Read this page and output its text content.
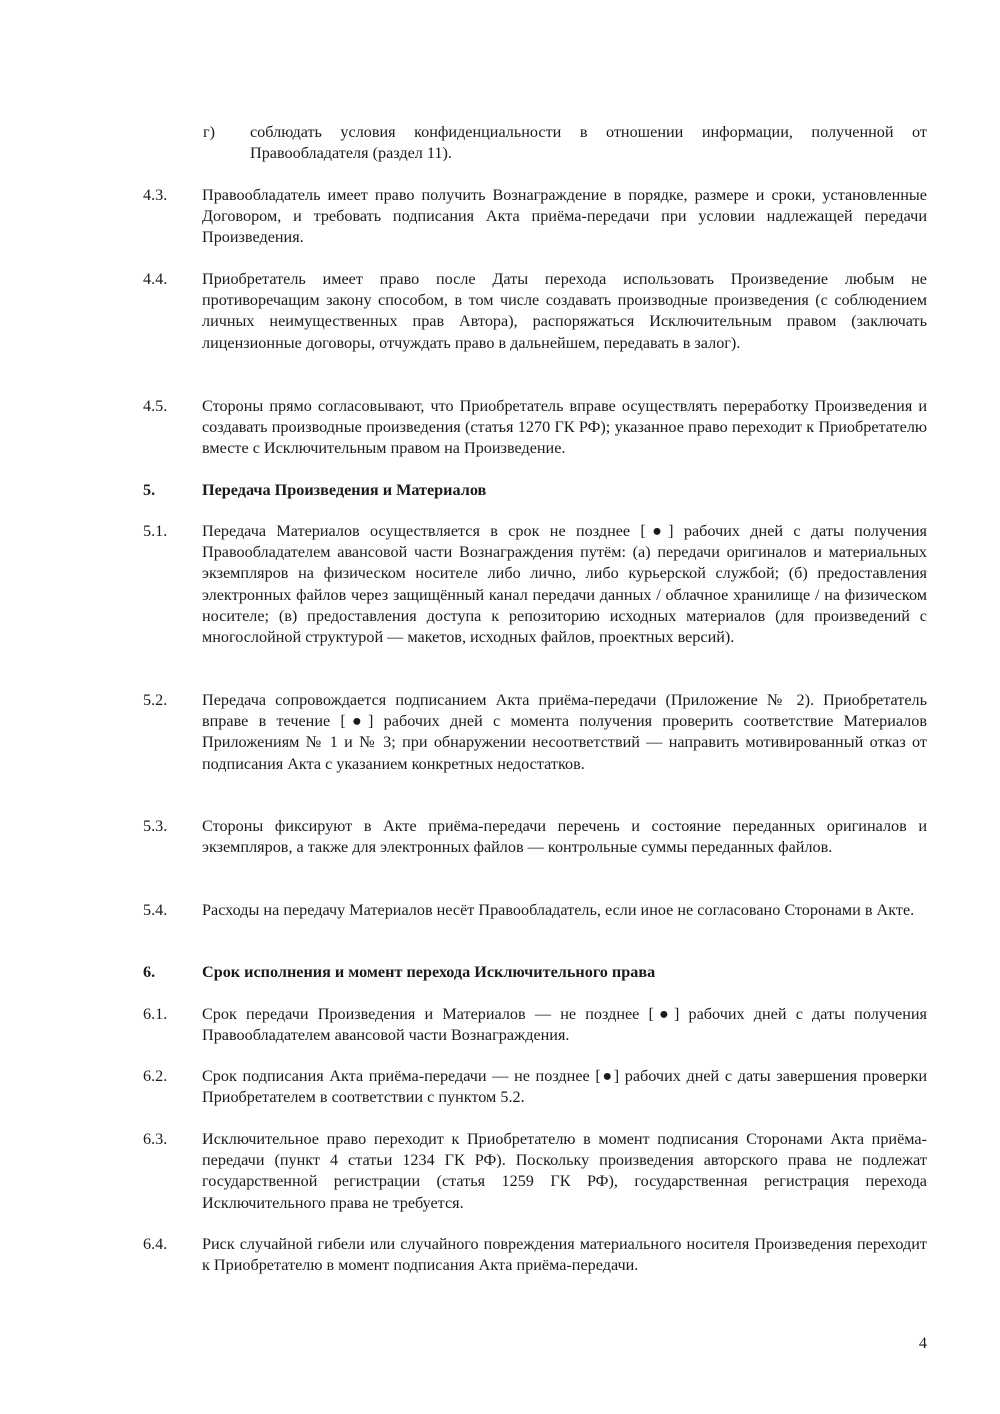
г) соблюдать условия конфиденциальности в отношении информации, полученной от Правообладателя (раздел 11).
4.3. Правообладатель имеет право получить Вознаграждение в порядке, размере и сроки, установленные Договором, и требовать подписания Акта приёма-передачи при условии надлежащей передачи Произведения.
4.4. Приобретатель имеет право после Даты перехода использовать Произведение любым не противоречащим закону способом, в том числе создавать производные произведения (с соблюдением личных неимущественных прав Автора), распоряжаться Исключительным правом (заключать лицензионные договоры, отчуждать право в дальнейшем, передавать в залог).
4.5. Стороны прямо согласовывают, что Приобретатель вправе осуществлять переработку Произведения и создавать производные произведения (статья 1270 ГК РФ); указанное право переходит к Приобретателю вместе с Исключительным правом на Произведение.
5.	Передача Произведения и Материалов
5.1. Передача Материалов осуществляется в срок не позднее [●] рабочих дней с даты получения Правообладателем авансовой части Вознаграждения путём: (а) передачи оригиналов и материальных экземпляров на физическом носителе либо лично, либо курьерской службой; (б) предоставления электронных файлов через защищённый канал передачи данных / облачное хранилище / на физическом носителе; (в) предоставления доступа к репозиторию исходных материалов (для произведений с многослойной структурой — макетов, исходных файлов, проектных версий).
5.2. Передача сопровождается подписанием Акта приёма-передачи (Приложение № 2). Приобретатель вправе в течение [●] рабочих дней с момента получения проверить соответствие Материалов Приложениям № 1 и № 3; при обнаружении несоответствий — направить мотивированный отказ от подписания Акта с указанием конкретных недостатков.
5.3. Стороны фиксируют в Акте приёма-передачи перечень и состояние переданных оригиналов и экземпляров, а также для электронных файлов — контрольные суммы переданных файлов.
5.4. Расходы на передачу Материалов несёт Правообладатель, если иное не согласовано Сторонами в Акте.
6.	Срок исполнения и момент перехода Исключительного права
6.1. Срок передачи Произведения и Материалов — не позднее [●] рабочих дней с даты получения Правообладателем авансовой части Вознаграждения.
6.2. Срок подписания Акта приёма-передачи — не позднее [●] рабочих дней с даты завершения проверки Приобретателем в соответствии с пунктом 5.2.
6.3. Исключительное право переходит к Приобретателю в момент подписания Сторонами Акта приёма-передачи (пункт 4 статьи 1234 ГК РФ). Поскольку произведения авторского права не подлежат государственной регистрации (статья 1259 ГК РФ), государственная регистрация перехода Исключительного права не требуется.
6.4. Риск случайной гибели или случайного повреждения материального носителя Произведения переходит к Приобретателю в момент подписания Акта приёма-передачи.
4
